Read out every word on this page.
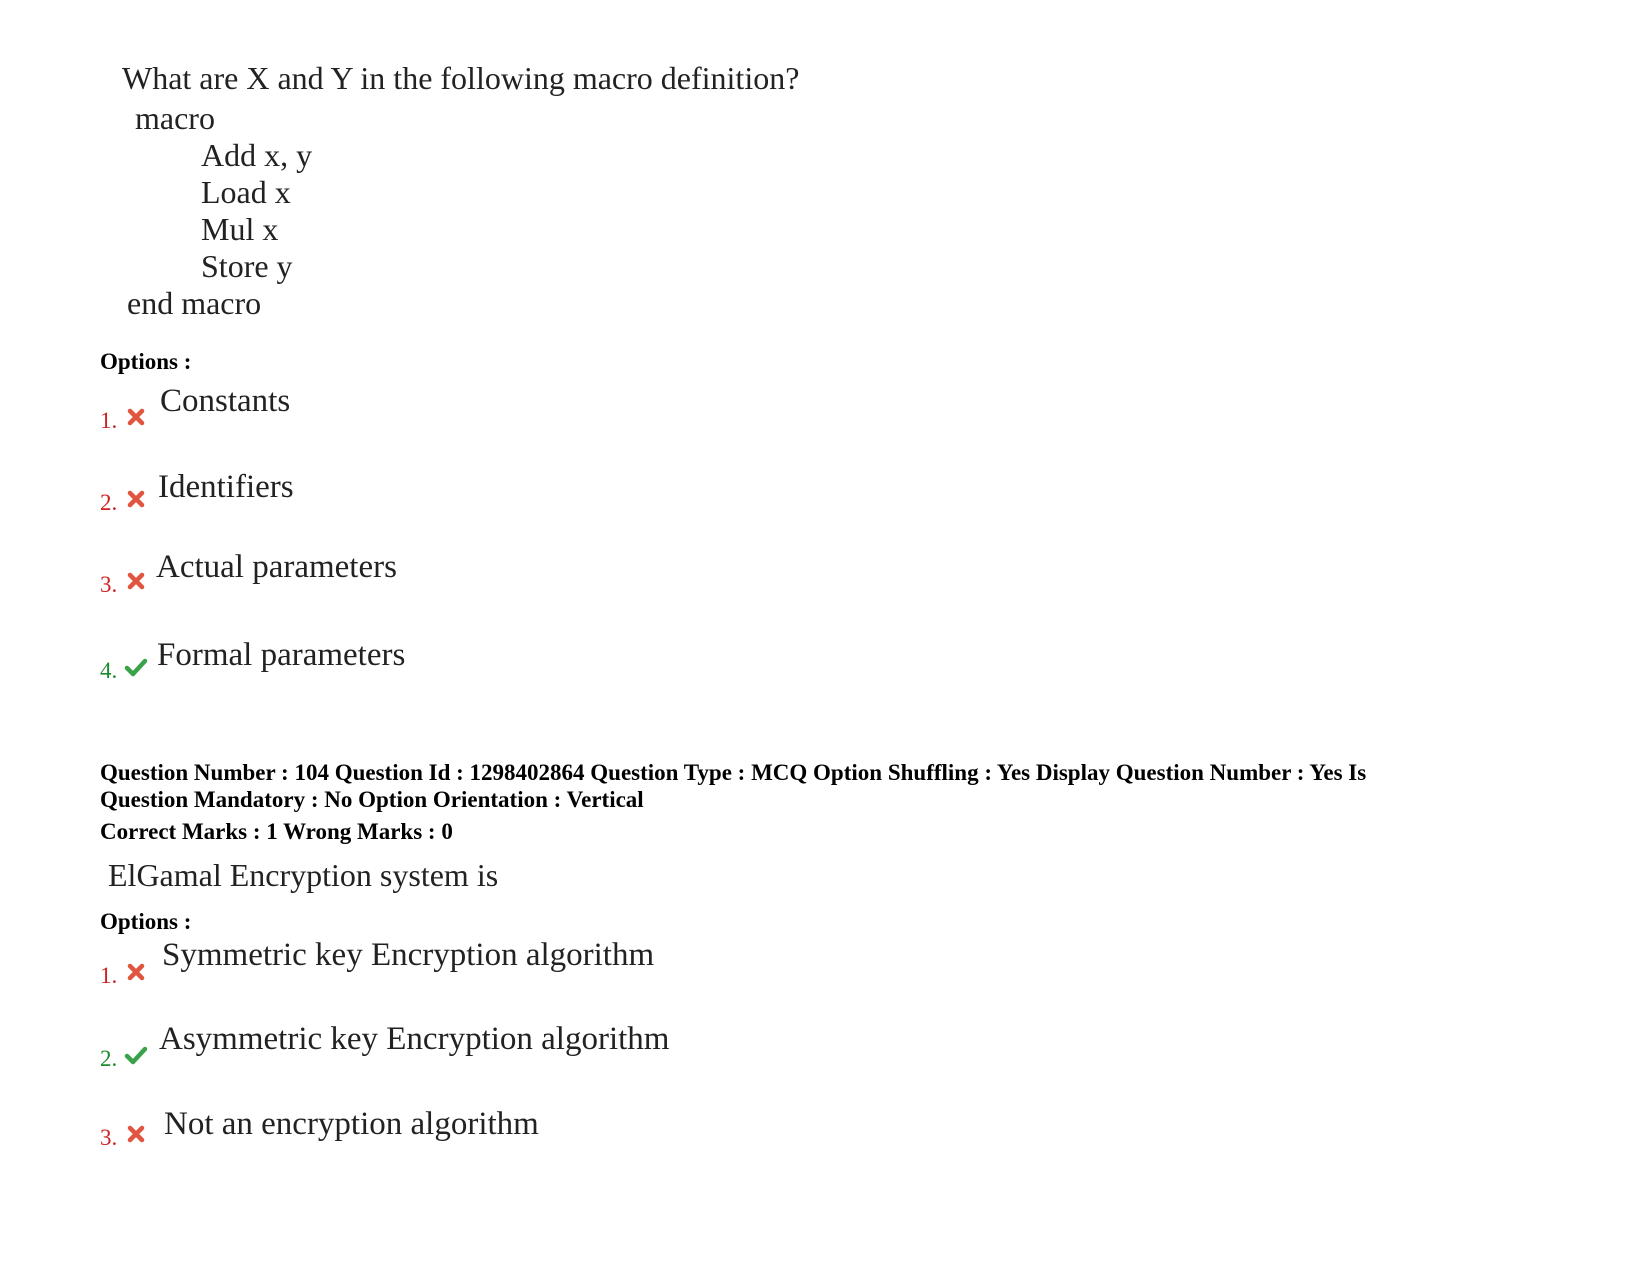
What are X and Y in the following macro definition?
macro
Add x, y
Load x
Mul x
Store y
end macro
Options :
1.
Constants
2. Identifiers
3. Actual parameters
4. Formal parameters
Question Number : 104 Question Id : 1298402864 Question Type : MCQ Option Shuffling : Yes Display Question Number : Yes Is
Question Mandatory : No Option Orientation : Vertical
Correct Marks : 1 Wrong Marks : 0
ElGamal Encryption system is
Options :
1.
Symmetric key Encryption algorithm
2.
Asymmetric key Encryption algorithm
3. Not an encryption algorithm
